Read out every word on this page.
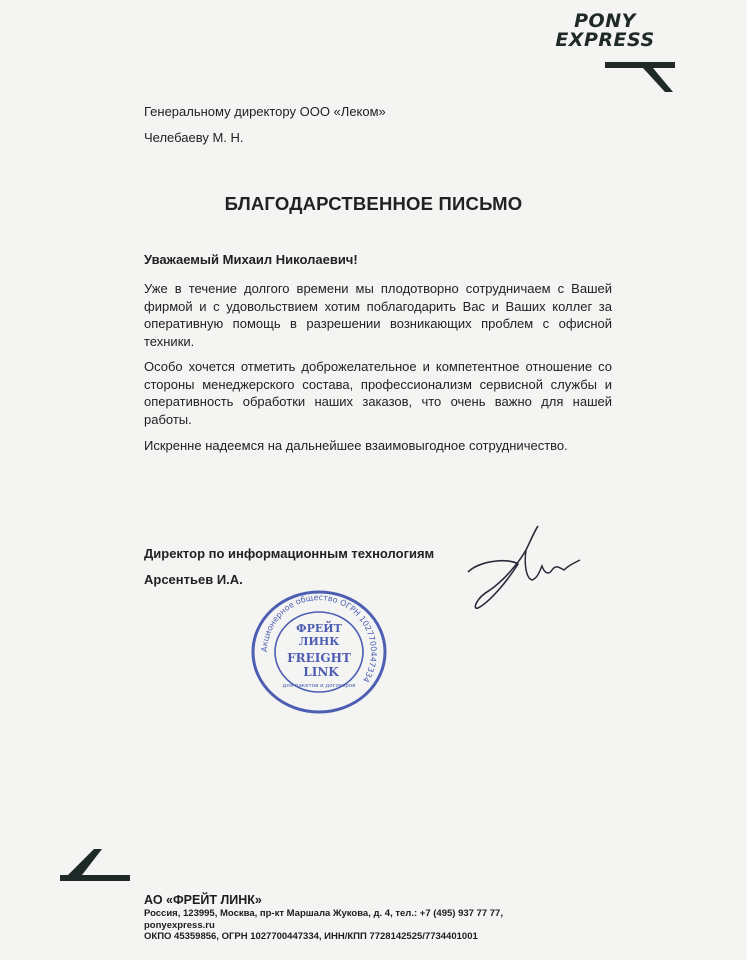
PONY
EXPRESS
Генеральному директору ООО «Леком»
Челебаеву М. Н.
БЛАГОДАРСТВЕННОЕ ПИСЬМО
Уважаемый Михаил Николаевич!
Уже в течение долгого времени мы плодотворно сотрудничаем с Вашей фирмой и с удовольствием хотим поблагодарить Вас и Ваших коллег за оперативную помощь в разрешении возникающих проблем с офисной техники.
Особо хочется отметить доброжелательное и компетентное отношение со стороны менеджерского состава, профессионализм сервисной службы и оперативность обработки наших заказов, что очень важно для нашей работы.
Искренне надеемся на дальнейшее взаимовыгодное сотрудничество.
Директор по информационным технологиям
Арсентьев И.А.
Акционерное общество ОГРН 1027700447334
ФРЕЙТ
ЛИНК
FREIGHT
LINK
для пакетов и договоров
АО «ФРЕЙТ ЛИНК»
Россия, 123995, Москва, пр-кт Маршала Жукова, д. 4, тел.: +7 (495) 937 77 77,
ponyexpress.ru
ОКПО 45359856, ОГРН 1027700447334, ИНН/КПП 7728142525/7734401001
